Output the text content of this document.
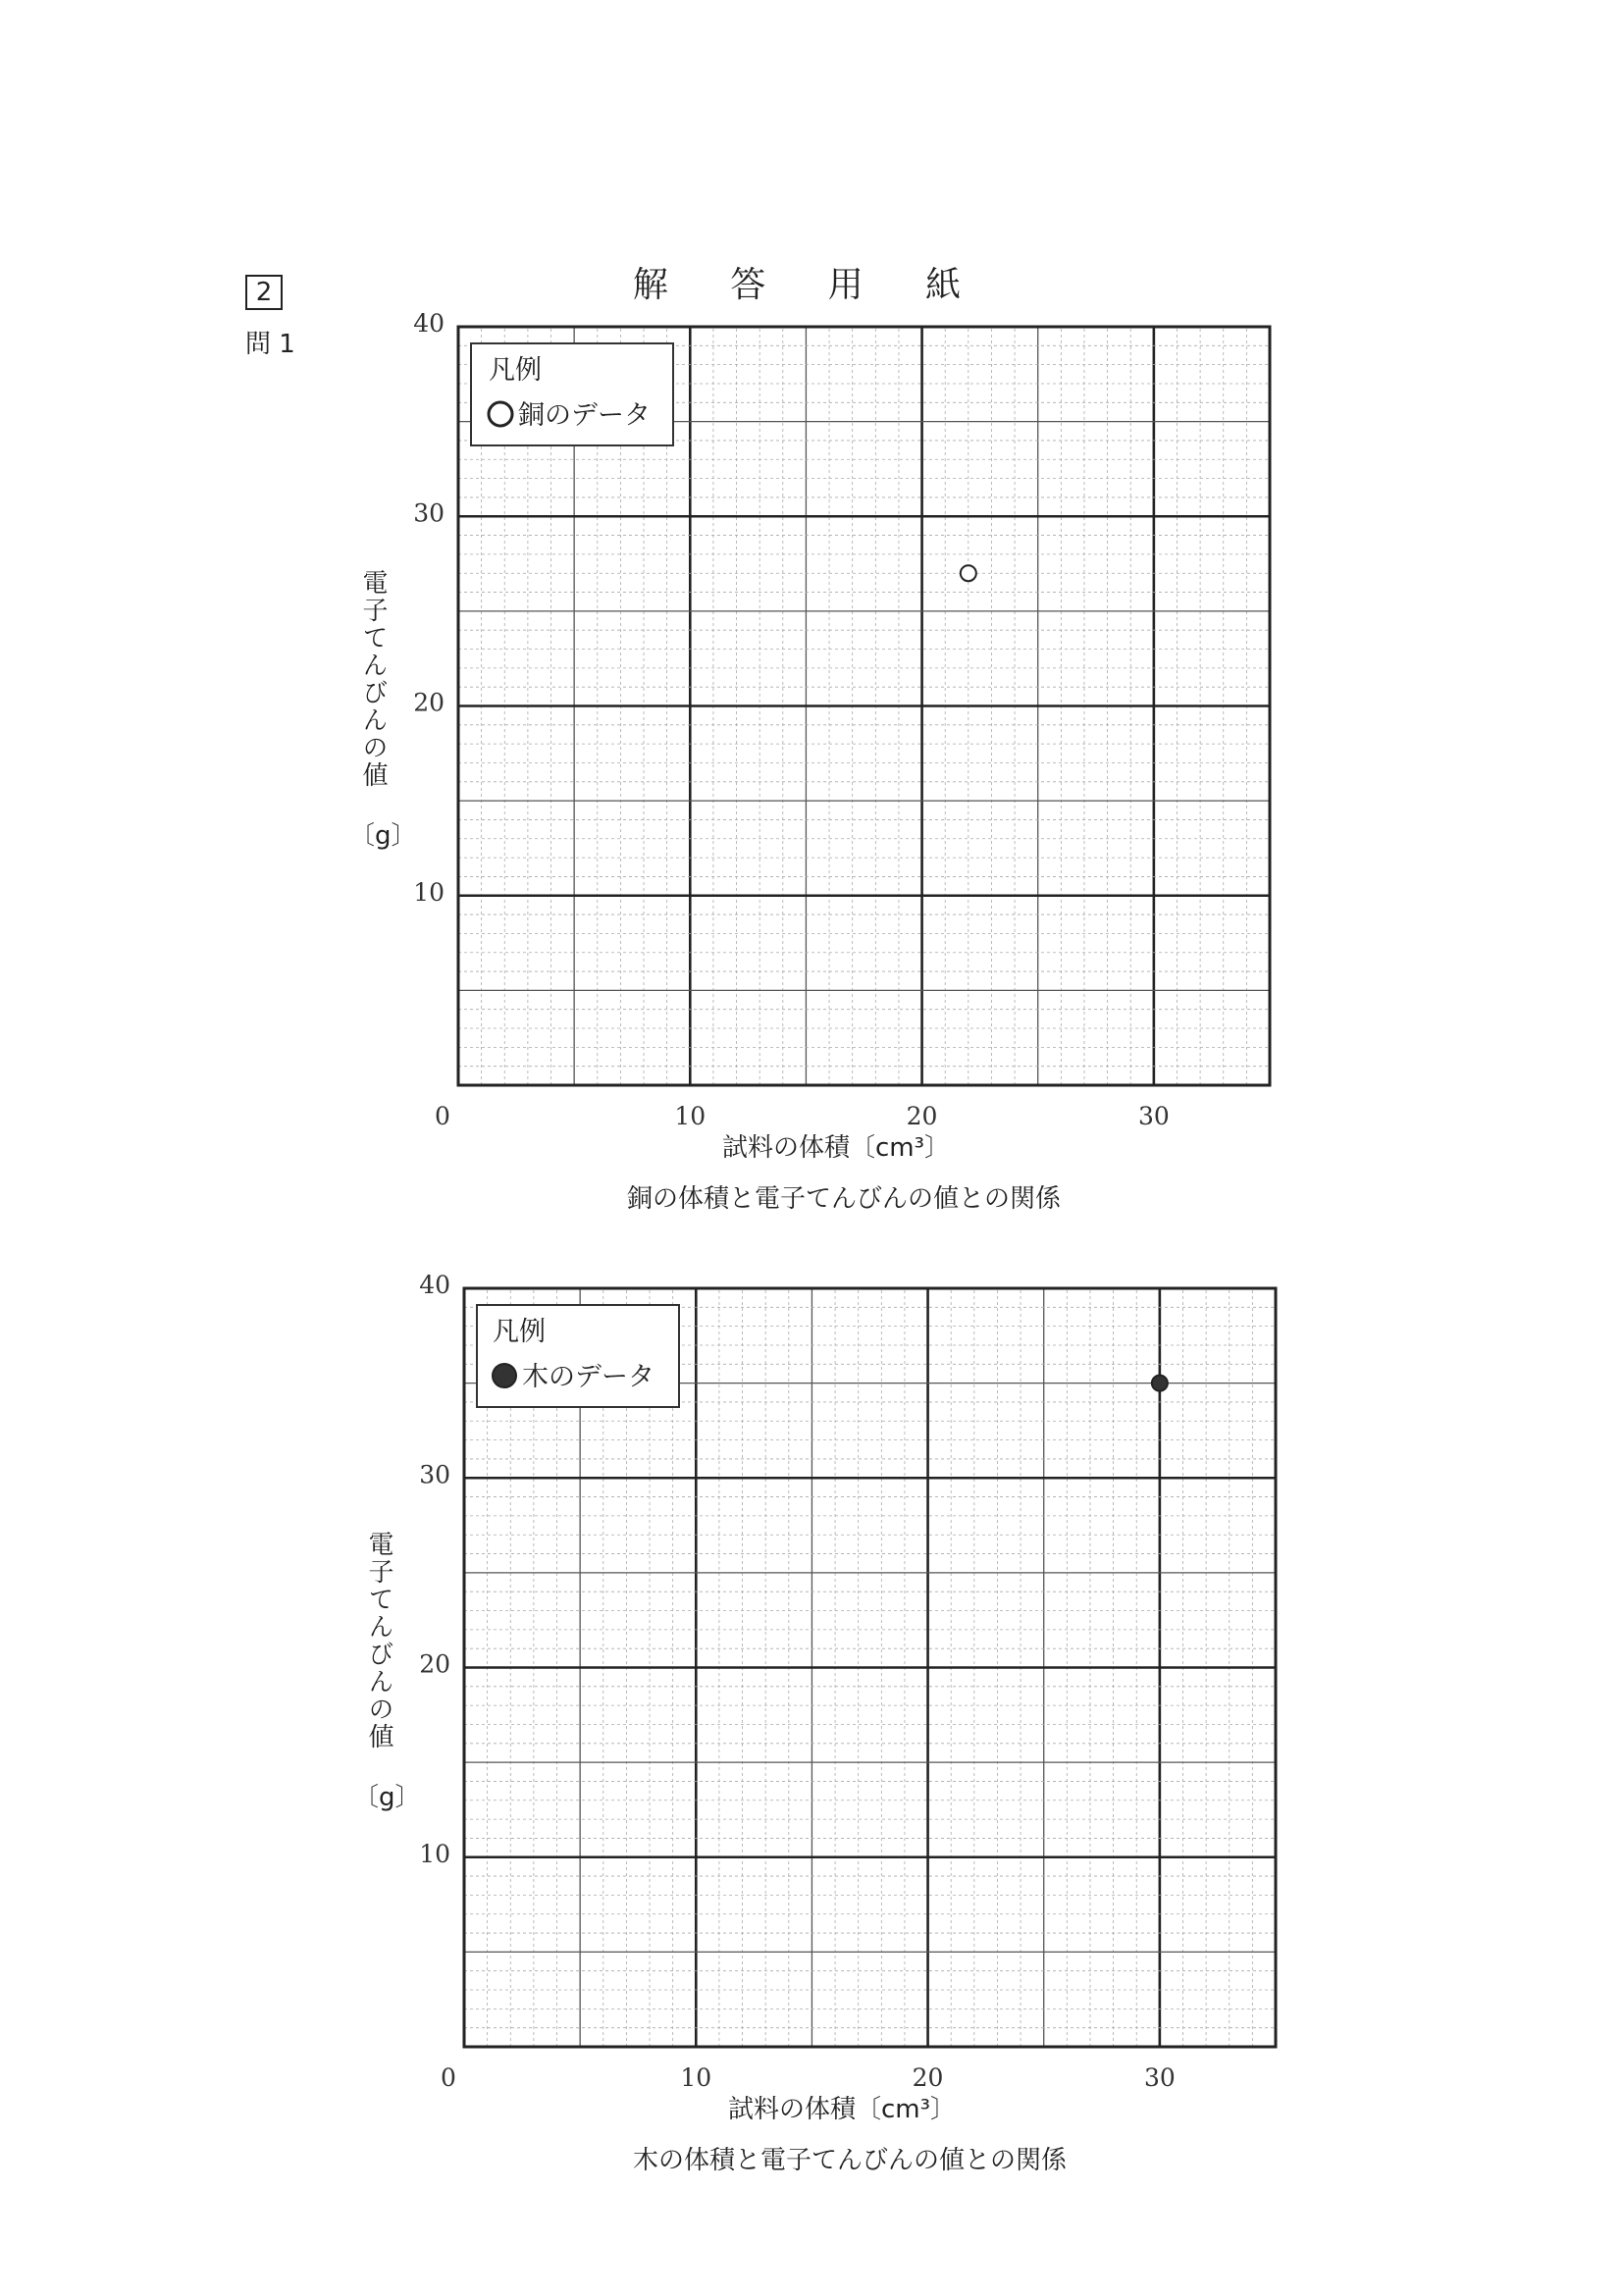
2
問 1
解 答 用 紙
0	10	20	30
10
20
30
40
電子てんびんの値
〔g〕
試料の体積〔cm³〕
銅の体積と電子てんびんの値との関係
凡例
銅のデータ
0	10	20	30
10
20
30
40
電子てんびんの値
〔g〕
試料の体積〔cm³〕
木の体積と電子てんびんの値との関係
凡例
木のデータ
